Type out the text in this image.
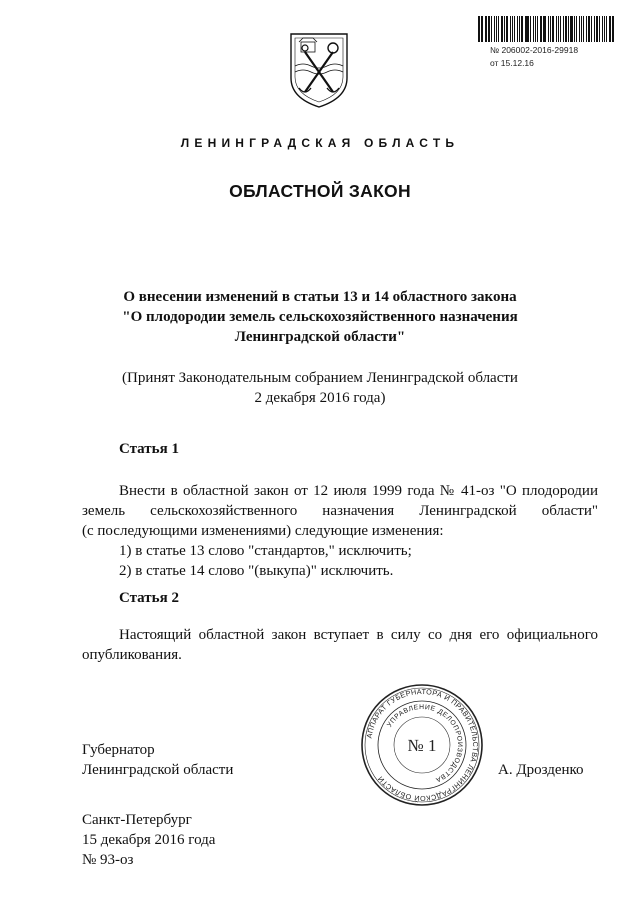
№ 206002-2016-29918
от 15.12.16
ЛЕНИНГРАДСКАЯ ОБЛАСТЬ
ОБЛАСТНОЙ ЗАКОН
О внесении изменений в статьи 13 и 14 областного закона
"О плодородии земель сельскохозяйственного назначения
Ленинградской области"
(Принят Законодательным собранием Ленинградской области
2 декабря 2016 года)
Статья 1
Внести в областной закон от 12 июля 1999 года № 41-оз "О плодородии
земель сельскохозяйственного назначения Ленинградской области"
(с последующими изменениями) следующие изменения:
1) в статье 13 слово "стандартов," исключить;
2) в статье 14 слово "(выкупа)" исключить.
Статья 2
Настоящий областной закон вступает в силу со дня его официального
опубликования.
Губернатор
Ленинградской области	А. Дрозденко
АППАРАТ ГУБЕРНАТОРА И ПРАВИТЕЛЬСТВА ЛЕНИНГРАДСКОЙ ОБЛАСТИ
УПРАВЛЕНИЕ ДЕЛОПРОИЗВОДСТВА
№ 1
Санкт-Петербург
15 декабря 2016 года
№ 93-оз
